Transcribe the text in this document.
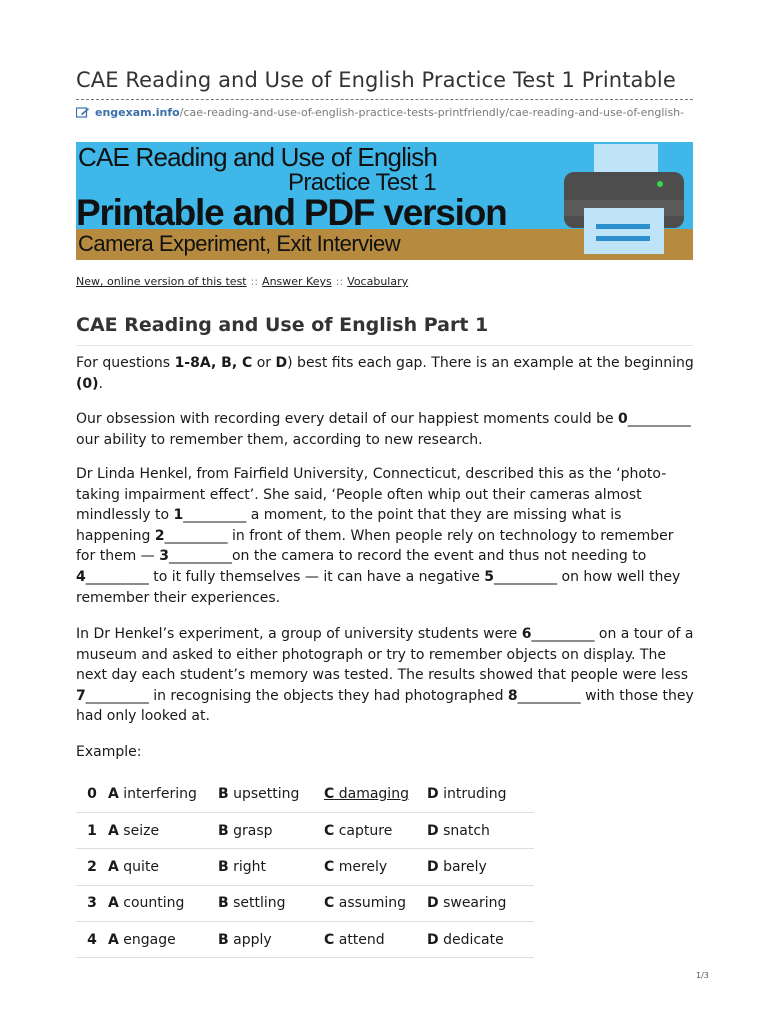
CAE Reading and Use of English Practice Test 1 Printable
engexam.info/cae-reading-and-use-of-english-practice-tests-printfriendly/cae-reading-and-use-of-english-
CAE Reading and Use of English
Practice Test 1
Printable and PDF version
Camera Experiment, Exit Interview
New, online version of this test :: Answer Keys :: Vocabulary
CAE Reading and Use of English Part 1

For questions 1-8A, B, C or D) best fits each gap. There is an example at the beginning (0).

Our obsession with recording every detail of our happiest moments could be 0_________ our ability to remember them, according to new research.

Dr Linda Henkel, from Fairfield University, Connecticut, described this as the ‘photo-taking impairment effect’. She said, ‘People often whip out their cameras almost mindlessly to 1_________ a moment, to the point that they are missing what is happening 2_________ in front of them. When people rely on technology to remember for them — 3_________on the camera to record the event and thus not needing to 4_________ to it fully themselves — it can have a negative 5_________ on how well they remember their experiences.

In Dr Henkel’s experiment, a group of university students were 6_________ on a tour of a museum and asked to either photograph or try to remember objects on display. The next day each student’s memory was tested. The results showed that people were less 7_________ in recognising the objects they had photographed 8_________ with those they had only looked at.

Example:

0	A interfering	B upsetting	C damaging	D intruding
1	A seize	B grasp	C capture	D snatch
2	A quite	B right	C merely	D barely
3	A counting	B settling	C assuming	D swearing
4	A engage	B apply	C attend	D dedicate
1/3
